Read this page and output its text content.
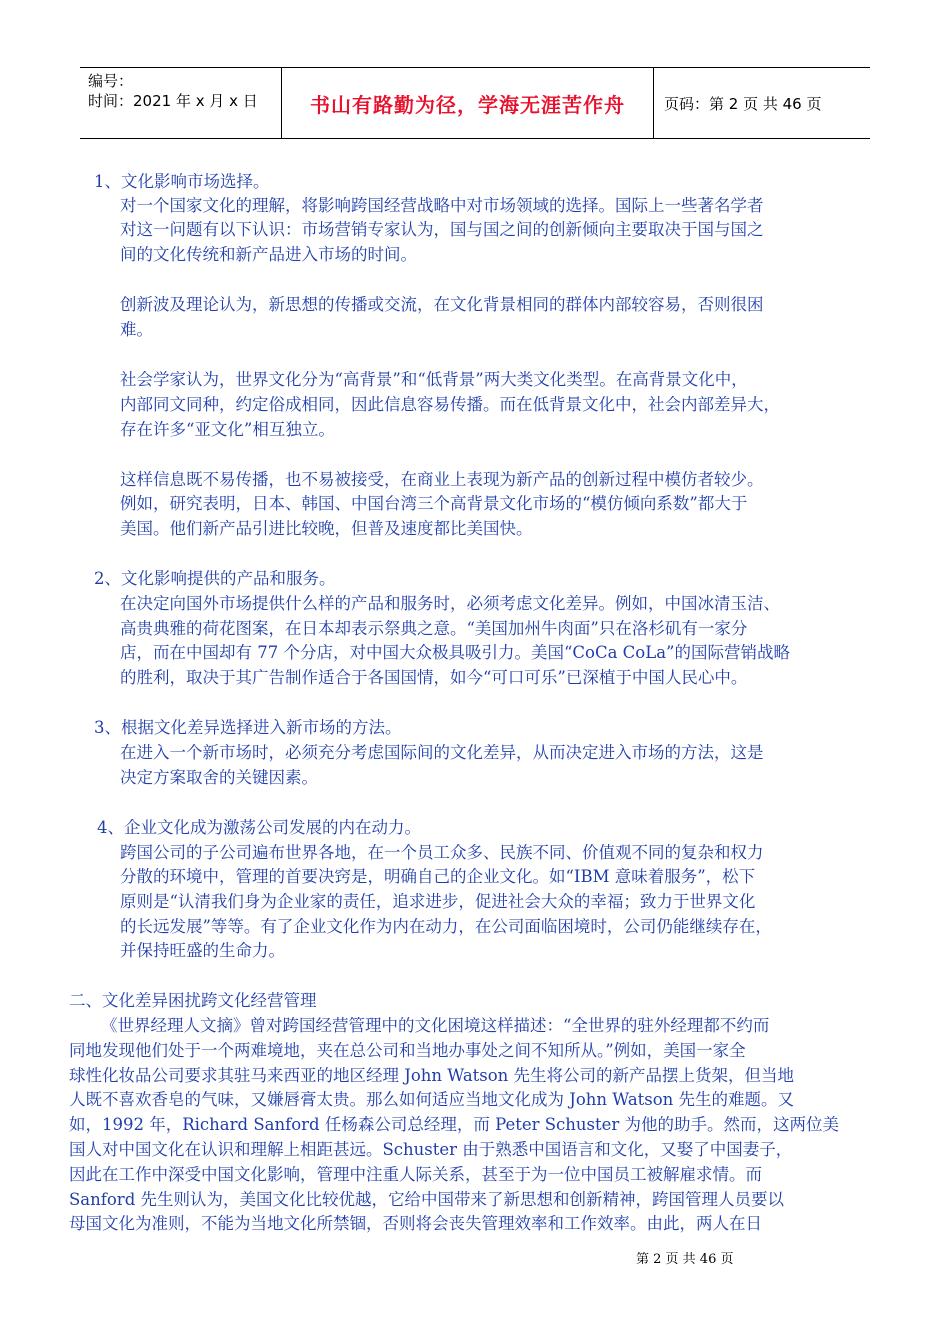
编号：
时间：2021 年 x 月 x 日	书山有路勤为径，学海无涯苦作舟	页码：第 2 页 共 46 页
1、文化影响市场选择。
对一个国家文化的理解，将影响跨国经营战略中对市场领域的选择。国际上一些著名学者
对这一问题有以下认识：市场营销专家认为，国与国之间的创新倾向主要取决于国与国之
间的文化传统和新产品进入市场的时间。
创新波及理论认为，新思想的传播或交流，在文化背景相同的群体内部较容易，否则很困
难。
社会学家认为，世界文化分为“高背景”和“低背景”两大类文化类型。在高背景文化中，
内部同文同种，约定俗成相同，因此信息容易传播。而在低背景文化中，社会内部差异大，
存在许多“亚文化”相互独立。
这样信息既不易传播，也不易被接受，在商业上表现为新产品的创新过程中模仿者较少。
例如，研究表明，日本、韩国、中国台湾三个高背景文化市场的“模仿倾向系数”都大于
美国。他们新产品引进比较晚，但普及速度都比美国快。
2、文化影响提供的产品和服务。
在决定向国外市场提供什么样的产品和服务时，必须考虑文化差异。例如，中国冰清玉洁、
高贵典雅的荷花图案，在日本却表示祭典之意。“美国加州牛肉面”只在洛杉矶有一家分
店，而在中国却有 77 个分店，对中国大众极具吸引力。美国“CoCa CoLa”的国际营销战略
的胜利，取决于其广告制作适合于各国国情，如今“可口可乐”已深植于中国人民心中。
3、根据文化差异选择进入新市场的方法。
在进入一个新市场时，必须充分考虑国际间的文化差异，从而决定进入市场的方法，这是
决定方案取舍的关键因素。
4、企业文化成为激荡公司发展的内在动力。
跨国公司的子公司遍布世界各地，在一个员工众多、民族不同、价值观不同的复杂和权力
分散的环境中，管理的首要决窍是，明确自己的企业文化。如“IBM 意味着服务”，松下
原则是“认清我们身为企业家的责任，追求进步，促进社会大众的幸福；致力于世界文化
的长远发展”等等。有了企业文化作为内在动力，在公司面临困境时，公司仍能继续存在，
并保持旺盛的生命力。
二、文化差异困扰跨文化经营管理
《世界经理人文摘》曾对跨国经营管理中的文化困境这样描述：“全世界的驻外经理都不约而
同地发现他们处于一个两难境地，夹在总公司和当地办事处之间不知所从。”例如，美国一家全
球性化妆品公司要求其驻马来西亚的地区经理 John Watson 先生将公司的新产品摆上货架，但当地
人既不喜欢香皂的气味，又嫌唇膏太贵。那么如何适应当地文化成为 John Watson 先生的难题。又
如，1992 年，Richard Sanford 任杨森公司总经理，而 Peter Schuster 为他的助手。然而，这两位美
国人对中国文化在认识和理解上相距甚远。Schuster 由于熟悉中国语言和文化，又娶了中国妻子，
因此在工作中深受中国文化影响，管理中注重人际关系，甚至于为一位中国员工被解雇求情。而
Sanford 先生则认为，美国文化比较优越，它给中国带来了新思想和创新精神，跨国管理人员要以
母国文化为准则，不能为当地文化所禁锢，否则将会丧失管理效率和工作效率。由此，两人在日
第 2 页 共 46 页
